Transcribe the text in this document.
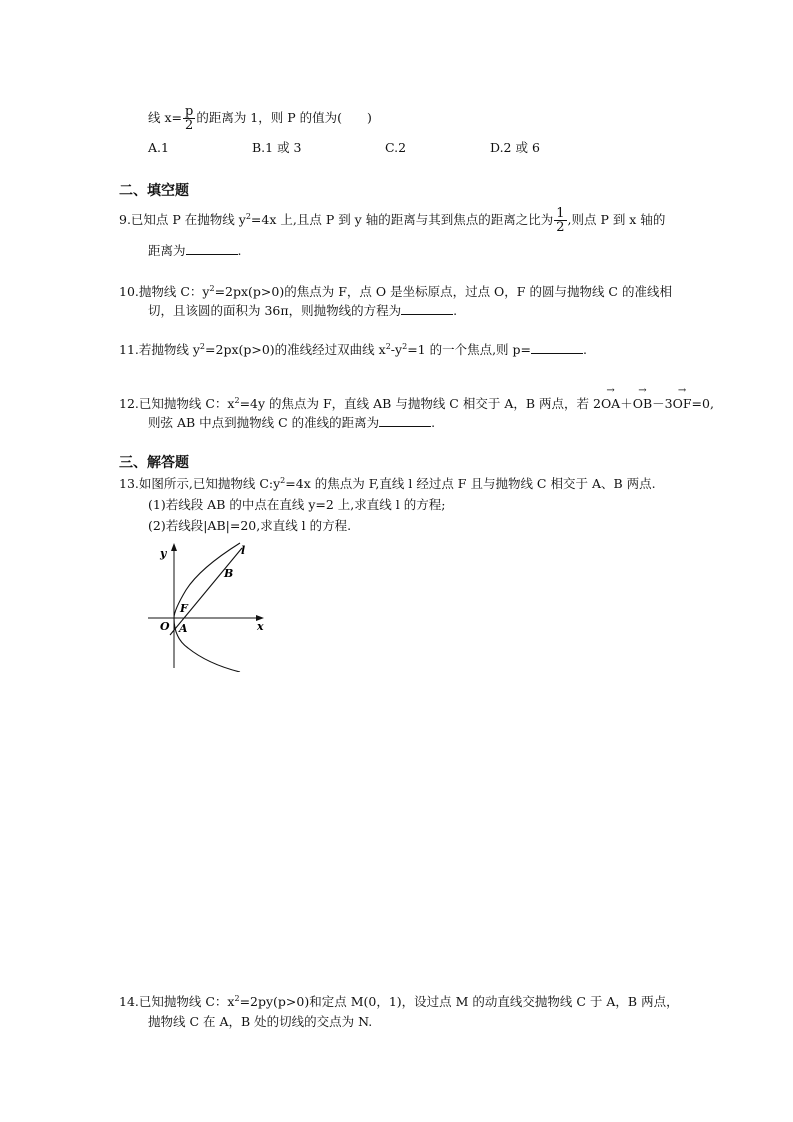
线 $x= \frac{p}{2}$ 的距离为 1，则 P 的值为(　　)
A.1	B.1 或 3	C.2	D.2 或 6
二、填空题
9.已知点 P 在抛物线 $y^2=4x$ 上,且点 P 到 y 轴的距离与其到焦点的距离之比为 $\frac{1}{2}$ ,则点 P 到 x 轴的
距离为	.
10.抛物线 C：$y^2=2px(p>0)$的焦点为 F，点 O 是坐标原点，过点 O，F 的圆与抛物线 C 的准线相
切，且该圆的面积为 36π，则抛物线的方程为	.
11.若抛物线 $y^2=2px(p>0)$的准线经过双曲线 $x^2-y^2=1$ 的一个焦点,则 p=	.
12.已知抛物线 C：$x^2=4y$ 的焦点为 F，直线 AB 与抛物线 C 相交于 A，B 两点，若 2→ OA＋→ OB－3→ OF=0,
则弦 AB 中点到抛物线 C 的准线的距离为	.
三、解答题
13.如图所示,已知抛物线 $C:y^2=4x$ 的焦点为 F,直线 l 经过点 F 且与抛物线 C 相交于 A、B 两点.
(1)若线段 AB 的中点在直线 y=2 上,求直线 l 的方程;
(2)若线段|AB|=20,求直线 l 的方程.
y
x
l
B
F
O A
14.已知抛物线 C：$x^2=2py(p>0)$和定点 M(0，1)，设过点 M 的动直线交抛物线 C 于 A，B 两点，
抛物线 C 在 A，B 处的切线的交点为 N.
